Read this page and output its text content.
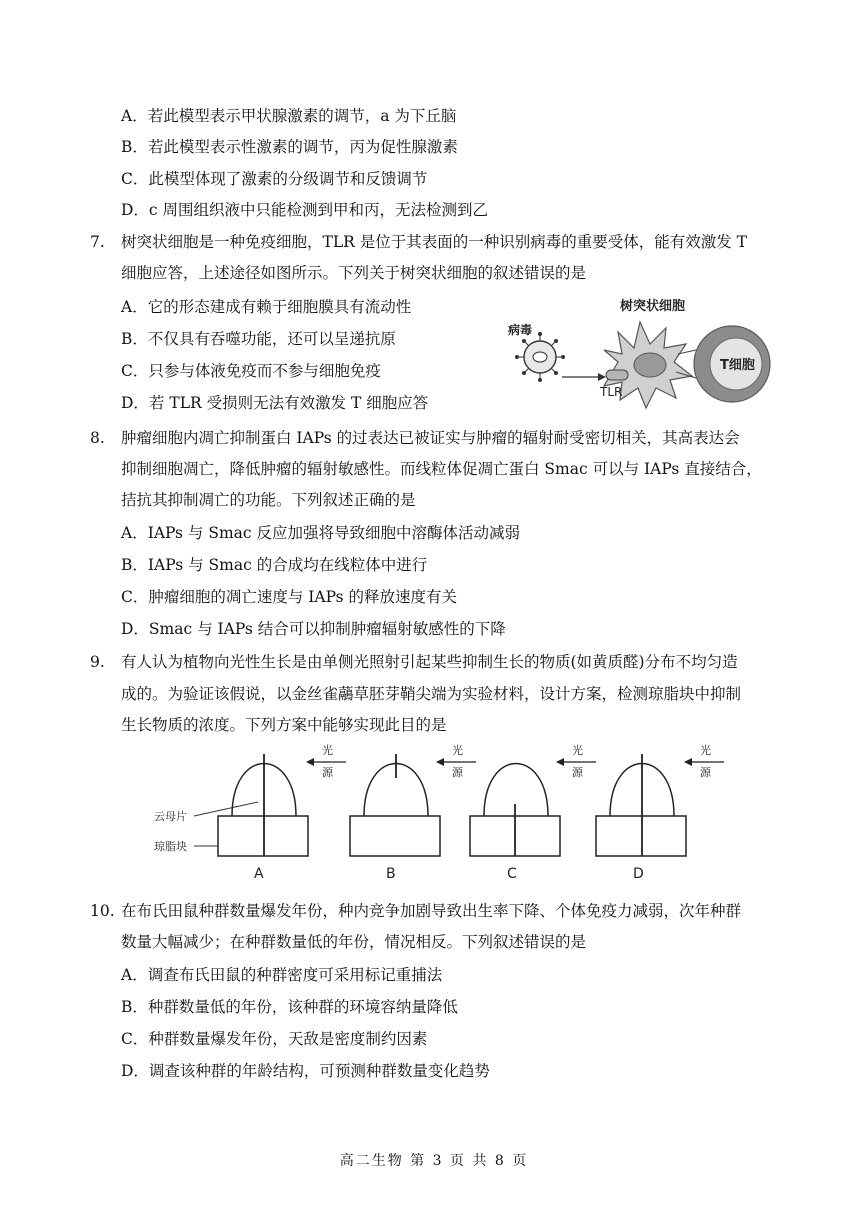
A．若此模型表示甲状腺激素的调节，a 为下丘脑
B．若此模型表示性激素的调节，丙为促性腺激素
C．此模型体现了激素的分级调节和反馈调节
D．c 周围组织液中只能检测到甲和丙，无法检测到乙
7. 树突状细胞是一种免疫细胞，TLR 是位于其表面的一种识别病毒的重要受体，能有效激发 T
细胞应答，上述途径如图所示。下列关于树突状细胞的叙述错误的是
A．它的形态建成有赖于细胞膜具有流动性
B．不仅具有吞噬功能，还可以呈递抗原
C．只参与体液免疫而不参与细胞免疫
D．若 TLR 受损则无法有效激发 T 细胞应答
树突状细胞
病毒
TLR
T细胞
8. 肿瘤细胞内凋亡抑制蛋白 IAPs 的过表达已被证实与肿瘤的辐射耐受密切相关，其高表达会
抑制细胞凋亡，降低肿瘤的辐射敏感性。而线粒体促凋亡蛋白 Smac 可以与 IAPs 直接结合，
拮抗其抑制凋亡的功能。下列叙述正确的是
A．IAPs 与 Smac 反应加强将导致细胞中溶酶体活动减弱
B．IAPs 与 Smac 的合成均在线粒体中进行
C．肿瘤细胞的凋亡速度与 IAPs 的释放速度有关
D．Smac 与 IAPs 结合可以抑制肿瘤辐射敏感性的下降
9. 有人认为植物向光性生长是由单侧光照射引起某些抑制生长的物质(如黄质醛)分布不均匀造
成的。为验证该假说，以金丝雀虉草胚芽鞘尖端为实验材料，设计方案，检测琼脂块中抑制
生长物质的浓度。下列方案中能够实现此目的是
云母片
琼脂块
光
源
A
光
源
B
光
源
C
光
源
D
10. 在布氏田鼠种群数量爆发年份，种内竞争加剧导致出生率下降、个体免疫力减弱，次年种群
数量大幅减少；在种群数量低的年份，情况相反。下列叙述错误的是
A．调查布氏田鼠的种群密度可采用标记重捕法
B．种群数量低的年份，该种群的环境容纳量降低
C．种群数量爆发年份，天敌是密度制约因素
D．调查该种群的年龄结构，可预测种群数量变化趋势
高二生物 第 3 页 共 8 页
